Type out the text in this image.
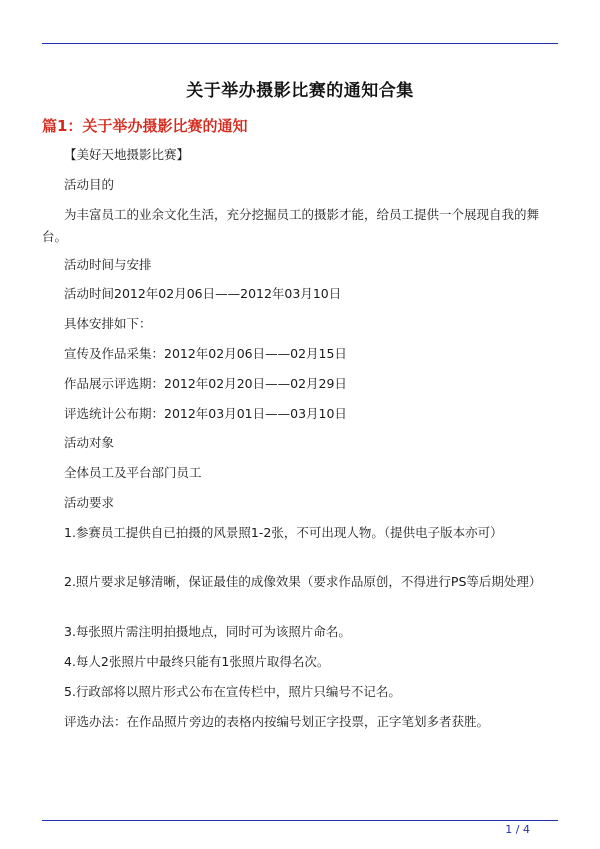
关于举办摄影比赛的通知合集
篇1：关于举办摄影比赛的通知
【美好天地摄影比赛】
活动目的
为丰富员工的业余文化生活，充分挖掘员工的摄影才能，给员工提供一个展现自我的舞台。
活动时间与安排
活动时间2012年02月06日——2012年03月10日
具体安排如下：
宣传及作品采集：2012年02月06日——02月15日
作品展示评选期：2012年02月20日——02月29日
评选统计公布期：2012年03月01日——03月10日
活动对象
全体员工及平台部门员工
活动要求
1.参赛员工提供自已拍摄的风景照1-2张，不可出现人物。（提供电子版本亦可）
2.照片要求足够清晰，保证最佳的成像效果（要求作品原创，不得进行PS等后期处理）
3.每张照片需注明拍摄地点，同时可为该照片命名。
4.每人2张照片中最终只能有1张照片取得名次。
5.行政部将以照片形式公布在宣传栏中，照片只编号不记名。
评选办法：在作品照片旁边的表格内按编号划正字投票，正字笔划多者获胜。
1 / 4
